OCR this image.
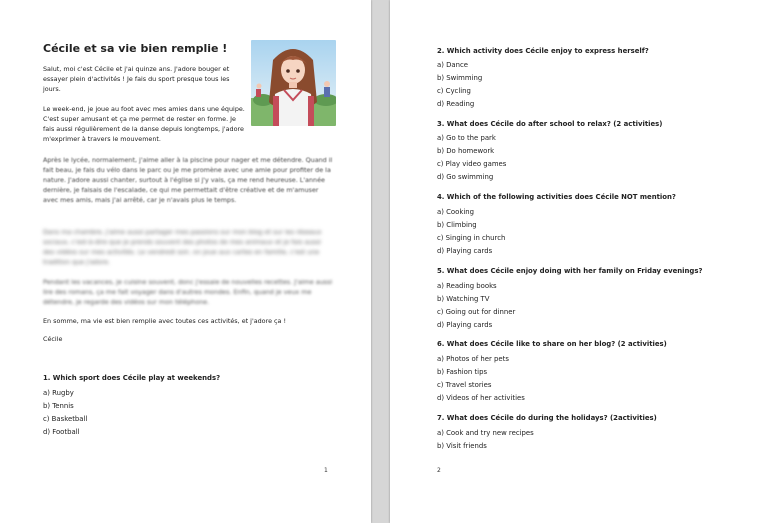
Cécile et sa vie bien remplie !
Salut, moi c'est Cécile et j'ai quinze ans. J'adore bouger et essayer plein d'activités ! Je fais du sport presque tous les jours.
Le week-end, je joue au foot avec mes amies dans une équipe. C'est super amusant et ça me permet de rester en forme. Je fais aussi régulièrement de la danse depuis longtemps, j'adore m'exprimer à travers le mouvement.
Après le lycée, normalement, j'aime aller à la piscine pour nager et me détendre. Quand il fait beau, je fais du vélo dans le parc ou je me promène avec une amie pour profiter de la nature. J'adore aussi chanter, surtout à l'église si j'y vais, ça me rend heureuse. L'année dernière, je faisais de l'escalade, ce qui me permettait d'être créative et de m'amuser avec mes amis, mais j'ai arrêté, car je n'avais plus le temps.
Dans ma chambre, j'aime aussi partager mes passions sur mon blog et sur les réseaux sociaux, c'est-à-dire que je prends souvent des photos de mes animaux et je fais aussi des vidéos sur mes activités. Le vendredi soir, on joue aux cartes en famille, c'est une tradition que j'adore.
Pendant les vacances, je cuisine souvent, donc j'essaie de nouvelles recettes. J'aime aussi lire des romans, ça me fait voyager dans d'autres mondes. Enfin, quand je veux me détendre, je regarde des vidéos sur mon téléphone.
En somme, ma vie est bien remplie avec toutes ces activités, et j'adore ça !
Cécile
1. Which sport does Cécile play at weekends?
a) Rugby
b) Tennis
c) Basketball
d) Football
1
2. Which activity does Cécile enjoy to express herself?
a) Dance
b) Swimming
c) Cycling
d) Reading
3. What does Cécile do after school to relax? (2 activities)
a) Go to the park
b) Do homework
c) Play video games
d) Go swimming
4. Which of the following activities does Cécile NOT mention?
a) Cooking
b) Climbing
c) Singing in church
d) Playing cards
5. What does Cécile enjoy doing with her family on Friday evenings?
a) Reading books
b) Watching TV
c) Going out for dinner
d) Playing cards
6. What does Cécile like to share on her blog? (2 activities)
a) Photos of her pets
b) Fashion tips
c) Travel stories
d) Videos of her activities
7. What does Cécile do during the holidays? (2activities)
a) Cook and try new recipes
b) Visit friends
2
